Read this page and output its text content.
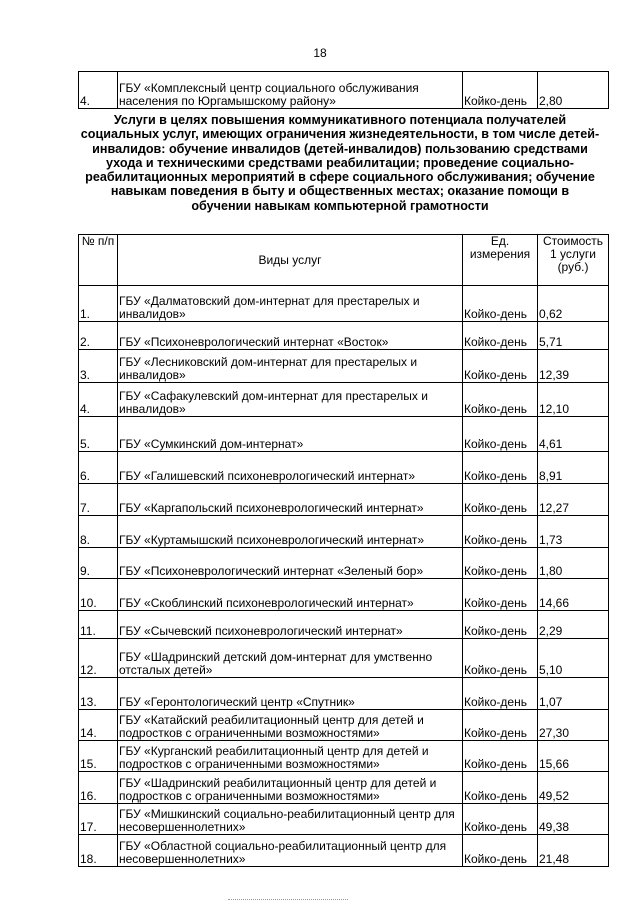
18
4.	ГБУ «Комплексный центр социального обслуживания населения по Юргамышскому району»	Койко-день	2,80
Услуги в целях повышения коммуникативного потенциала получателей социальных услуг, имеющих ограничения жизнедеятельности, в том числе детей-инвалидов: обучение инвалидов (детей-инвалидов) пользованию средствами ухода и техническими средствами реабилитации; проведение социально-реабилитационных мероприятий в сфере социального обслуживания; обучение навыкам поведения в быту и общественных местах; оказание помощи в обучении навыкам компьютерной грамотности
№ п/п	Виды услуг	Ед. измерения	Стоимость 1 услуги (руб.)
1.	ГБУ «Далматовский дом-интернат для престарелых и инвалидов»	Койко-день	0,62
2.	ГБУ «Психоневрологический интернат «Восток»	Койко-день	5,71
3.	ГБУ «Лесниковский дом-интернат для престарелых и инвалидов»	Койко-день	12,39
4.	ГБУ «Сафакулевский дом-интернат для престарелых и инвалидов»	Койко-день	12,10
5.	ГБУ «Сумкинский дом-интернат»	Койко-день	4,61
6.	ГБУ «Галишевский психоневрологический интернат»	Койко-день	8,91
7.	ГБУ «Каргапольский психоневрологический интернат»	Койко-день	12,27
8.	ГБУ «Куртамышский психоневрологический интернат»	Койко-день	1,73
9.	ГБУ «Психоневрологический интернат «Зеленый бор»	Койко-день	1,80
10.	ГБУ «Скоблинский психоневрологический интернат»	Койко-день	14,66
11.	ГБУ «Сычевский психоневрологический интернат»	Койко-день	2,29
12.	ГБУ «Шадринский детский дом-интернат для умственно отсталых детей»	Койко-день	5,10
13.	ГБУ «Геронтологический центр «Спутник»	Койко-день	1,07
14.	ГБУ «Катайский реабилитационный центр для детей и подростков с ограниченными возможностями»	Койко-день	27,30
15.	ГБУ «Курганский реабилитационный центр для детей и подростков с ограниченными возможностями»	Койко-день	15,66
16.	ГБУ «Шадринский реабилитационный центр для детей и подростков с ограниченными возможностями»	Койко-день	49,52
17.	ГБУ «Мишкинский социально-реабилитационный центр для несовершеннолетних»	Койко-день	49,38
18.	ГБУ «Областной социально-реабилитационный центр для несовершеннолетних»	Койко-день	21,48
